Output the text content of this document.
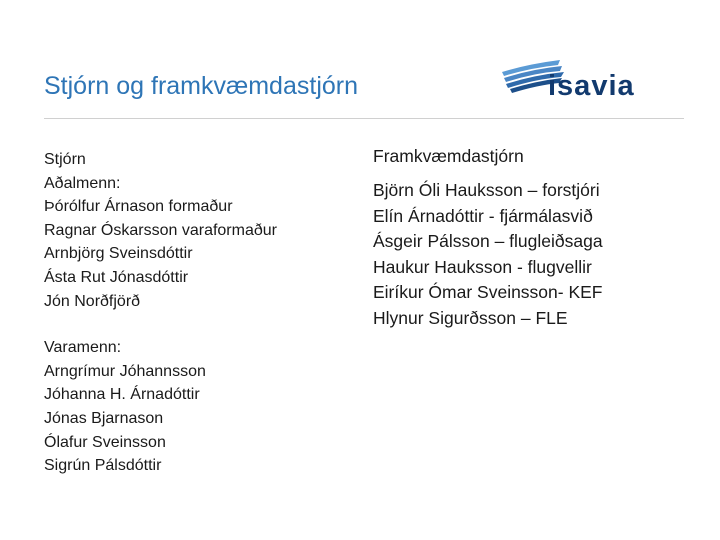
Stjórn og framkvæmdastjórn	isavia
Stjórn
Aðalmenn:
Þórólfur Árnason formaður
Ragnar Óskarsson varaformaður
Arnbjörg Sveinsdóttir
Ásta Rut Jónasdóttir
Jón Norðfjörð
Varamenn:
Arngrímur Jóhannsson
Jóhanna H. Árnadóttir
Jónas Bjarnason
Ólafur Sveinsson
Sigrún Pálsdóttir
Framkvæmdastjórn
Björn Óli Hauksson – forstjóri
Elín Árnadóttir - fjármálasvið
Ásgeir Pálsson – flugleiðsaga
Haukur Hauksson - flugvellir
Eiríkur Ómar Sveinsson- KEF
Hlynur Sigurðsson – FLE
